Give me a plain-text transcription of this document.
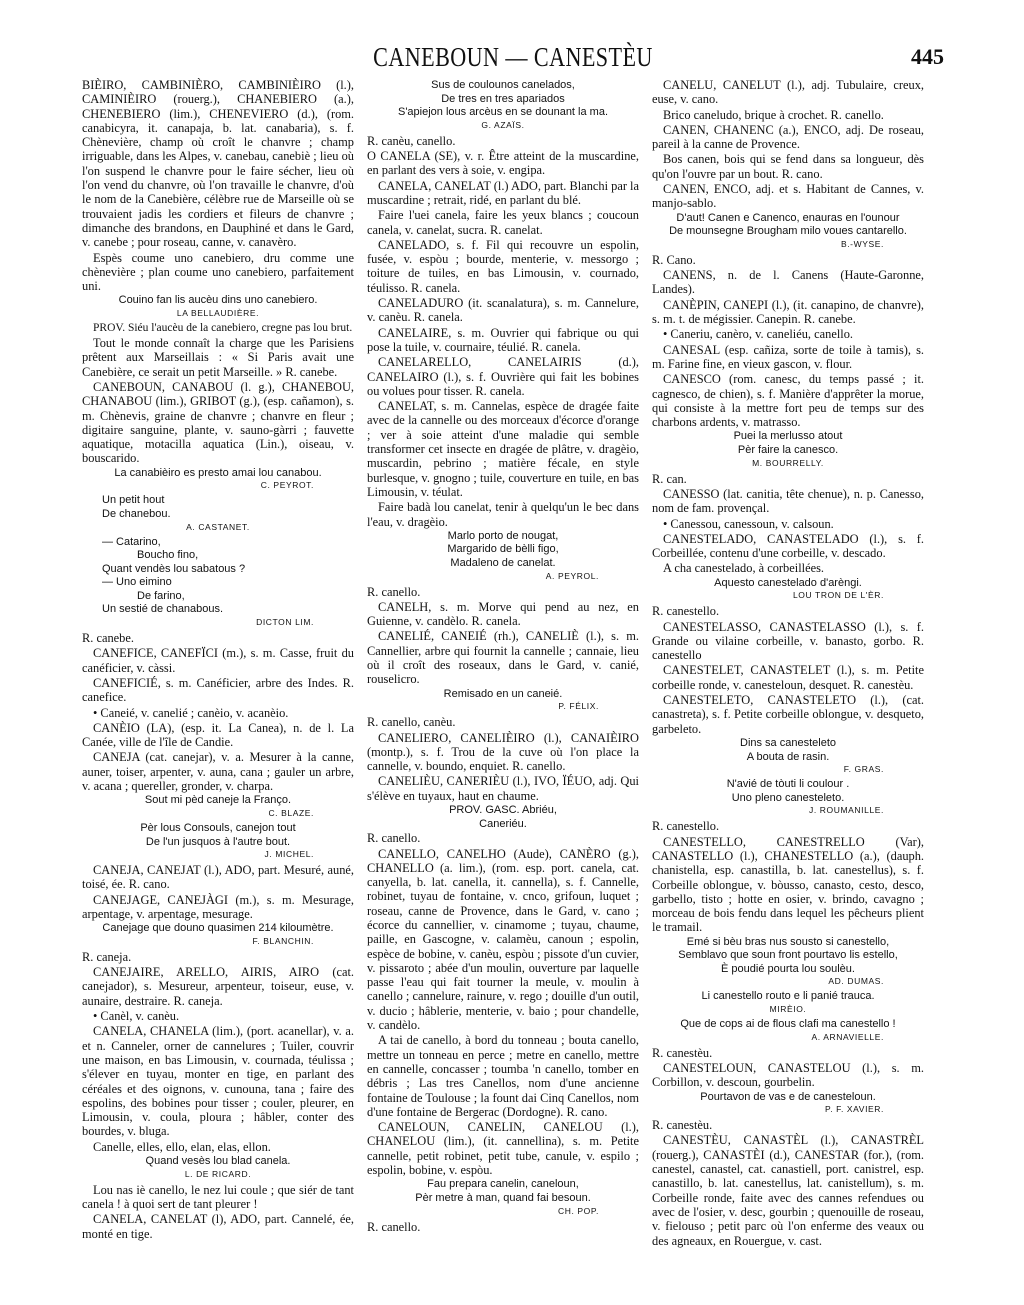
CANEBOUN — CANESTÈU	445

BIÈIRO, CAMBINIÈRO, CAMBINIÈIRO (l.), CAMINIÈIRO (rouerg.), CHANEBIERO (a.), CHENEBIERO (lim.), CHENEVIERO (d.), (rom. canabicyra, it. canapaja, b. lat. canabaria), s. f. Chènevière, champ où croît le chanvre ; champ irriguable, dans les Alpes, v. canebau, canebiè ; lieu où l'on suspend le chanvre pour le faire sécher, lieu où l'on vend du chanvre, où l'on travaille le chanvre, d'où le nom de la Canebière, célèbre rue de Marseille où se trouvaient jadis les cordiers et fileurs de chanvre ; dimanche des brandons, en Dauphiné et dans le Gard, v. canebe ; pour roseau, canne, v. canavèro.

Espès coume uno canebiero, dru comme une chènevière ; plan coume uno canebiero, parfaitement uni.

Couino fan lis aucèu dins uno canebiero.
LA BELLAUDIÈRE.

PROV. Siéu l'aucèu de la canebiero, cregne pas lou brut.

Tout le monde connaît la charge que les Parisiens prêtent aux Marseillais : « Si Paris avait une Canebière, ce serait un petit Marseille. » R. canebe.

CANEBOUN, CANABOU (l. g.), CHANEBOU, CHANABOU (lim.), GRIBOT (g.), (esp. cañamon), s. m. Chènevis, graine de chanvre ; chanvre en fleur ; digitaire sanguine, plante, v. sauno-gàrri ; fauvette aquatique, motacilla aquatica (Lin.), oiseau, v. bouscarido.

La canabièiro es presto amai lou canabou.
C. PEYROT.
Un petit hout
De chanebou.
A. CASTANET.
— Catarino,
Boucho fino,
Quant vendès lou sabatous ?
— Uno eimino
De farino,
Un sestié de chanabous.
DICTON LIM.

R. canebe.

CANEFICE, CANEFÏCI (m.), s. m. Casse, fruit du canéficier, v. càssi.

CANEFICIÉ, s. m. Canéficier, arbre des Indes. R. canefice.

• Caneié, v. canelié ; canèio, v. acanèio.

CANÈIO (LA), (esp. it. La Canea), n. de l. La Canée, ville de l'île de Candie.

CANEJA (cat. canejar), v. a. Mesurer à la canne, auner, toiser, arpenter, v. auna, cana ; gauler un arbre, v. acana ; quereller, gronder, v. charpa.

Sout mi pèd caneje la Franço.
C. BLAZE.
Pèr lous Consouls, canejon tout
De l'un jusquos à l'autre bout.
J. MICHEL.

CANEJA, CANEJAT (l.), ADO, part. Mesuré, auné, toisé, ée. R. cano.

CANEJAGE, CANEJÀGI (m.), s. m. Mesurage, arpentage, v. arpentage, mesurage.

Canejage que douno quasimen 214 kiloumètre.
F. BLANCHIN.

R. caneja.

CANEJAIRE, ARELLO, AIRIS, AIRO (cat. canejador), s. Mesureur, arpenteur, toiseur, euse, v. aunaire, destraire. R. caneja.

• Canèl, v. canèu.

CANELA, CHANELA (lim.), (port. acanellar), v. a. et n. Canneler, orner de cannelures ; Tuiler, couvrir une maison, en bas Limousin, v. cournada, téulissa ; s'élever en tuyau, monter en tige, en parlant des céréales et des oignons, v. cunouna, tana ; faire des espolins, des bobines pour tisser ; couler, pleurer, en Limousin, v. coula, ploura ; hâbler, conter des bourdes, v. bluga.

Canelle, elles, ello, elan, elas, ellon.

Quand vesès lou blad canela.
L. DE RICARD.

Lou nas iè canello, le nez lui coule ; que siér de tant canela ! à quoi sert de tant pleurer !

CANELA, CANELAT (l), ADO, part. Cannelé, ée, monté en tige.

Sus de coulounos canelados,
De tres en tres apariados
S'apiejon lous arcèus en se dounant la ma.
G. AZAÏS.

R. canèu, canello.

O CANELA (SE), v. r. Être atteint de la muscardine, en parlant des vers à soie, v. engipa.

CANELA, CANELAT (l.) ADO, part. Blanchi par la muscardine ; retrait, ridé, en parlant du blé.

Faire l'uei canela, faire les yeux blancs ; coucoun canela, v. canelat, sucra. R. canelat.

CANELADO, s. f. Fil qui recouvre un espolin, fusée, v. espòu ; bourde, menterie, v. messorgo ; toiture de tuiles, en bas Limousin, v. cournado, téulisso. R. canela.

CANELADURO (it. scanalatura), s. m. Cannelure, v. canèu. R. canela.

CANELAIRE, s. m. Ouvrier qui fabrique ou qui pose la tuile, v. cournaire, téulié. R. canela.

CANELARELLO, CANELAIRIS (d.), CANELAIRO (l.), s. f. Ouvrière qui fait les bobines ou volues pour tisser. R. canela.

CANELAT, s. m. Cannelas, espèce de dragée faite avec de la cannelle ou des morceaux d'écorce d'orange ; ver à soie atteint d'une maladie qui semble transformer cet insecte en dragée de plâtre, v. dragèio, muscardin, pebrino ; matière fécale, en style burlesque, v. gnogno ; tuile, couverture en tuile, en bas Limousin, v. téulat.

Faire badà lou canelat, tenir à quelqu'un le bec dans l'eau, v. dragèio.

Marlo porto de nougat,
Margarido de bèlli figo,
Madaleno de canelat.
A. PEYROL.

R. canello.

CANELH, s. m. Morve qui pend au nez, en Guienne, v. candèlo. R. canela.

CANELIÉ, CANEIÉ (rh.), CANELIÈ (l.), s. m. Cannellier, arbre qui fournit la cannelle ; cannaie, lieu où il croît des roseaux, dans le Gard, v. canié, rouselicro.

Remisado en un caneié.
P. FÉLIX.

R. canello, canèu.

CANELIERO, CANELIÈIRO (l.), CANAIÈIRO (montp.), s. f. Trou de la cuve où l'on place la cannelle, v. boundo, enquiet. R. canello.

CANELIÈU, CANERIÈU (l.), IVO, ÏÉUO, adj. Qui s'élève en tuyaux, haut en chaume.

PROV. GASC. Abriéu,
Caneriéu.

R. canello.

CANELLO, CANELHO (Aude), CANÈRO (g.), CHANELLO (a. lim.), (rom. esp. port. canela, cat. canyella, b. lat. canella, it. cannella), s. f. Cannelle, robinet, tuyau de fontaine, v. cnco, grifoun, luquet ; roseau, canne de Provence, dans le Gard, v. cano ; écorce du cannellier, v. cinamome ; tuyau, chaume, paille, en Gascogne, v. calamèu, canoun ; espolin, espèce de bobine, v. canèu, espòu ; pissote d'un cuvier, v. pissaroto ; abée d'un moulin, ouverture par laquelle passe l'eau qui fait tourner la meule, v. moulin à canello ; cannelure, rainure, v. rego ; douille d'un outil, v. ducio ; hâblerie, menterie, v. baio ; pour chandelle, v. candèlo.

A tai de canello, à bord du tonneau ; bouta canello, mettre un tonneau en perce ; metre en canello, mettre en cannelle, concasser ; toumba 'n canello, tomber en débris ; Las tres Canellos, nom d'une ancienne fontaine de Toulouse ; la fount dai Cinq Canellos, nom d'une fontaine de Bergerac (Dordogne). R. cano.

CANELOUN, CANELIN, CANELOU (l.), CHANELOU (lim.), (it. cannellina), s. m. Petite cannelle, petit robinet, petit tube, canule, v. espilo ; espolin, bobine, v. espòu.

Fau prepara canelin, caneloun,
Pèr metre à man, quand fai besoun.
CH. POP.

R. canello.

CANELU, CANELUT (l.), adj. Tubulaire, creux, euse, v. cano.

Brico caneludo, brique à crochet. R. canello.

CANEN, CHANENC (a.), ENCO, adj. De roseau, pareil à la canne de Provence.

Bos canen, bois qui se fend dans sa longueur, dès qu'on l'ouvre par un bout. R. cano.

CANEN, ENCO, adj. et s. Habitant de Cannes, v. manjo-sablo.

D'aut! Canen e Canenco, enauras en l'ounour
De mounsegne Brougham milo voues cantarello.
B.-WYSE.

R. Cano.

CANENS, n. de l. Canens (Haute-Garonne, Landes).

CANÈPIN, CANEPI (l.), (it. canapino, de chanvre), s. m. t. de mégissier. Canepin. R. canebe.

• Caneriu, canèro, v. caneliéu, canello.

CANESAL (esp. cañiza, sorte de toile à tamis), s. m. Farine fine, en vieux gascon, v. flour.

CANESCO (rom. canesc, du temps passé ; it. cagnesco, de chien), s. f. Manière d'apprêter la morue, qui consiste à la mettre fort peu de temps sur des charbons ardents, v. matrasso.

Puei la merlusso atout
Pèr faire la canesco.
M. BOURRELLY.

R. can.

CANESSO (lat. canitia, tête chenue), n. p. Canesso, nom de fam. provençal.

• Canessou, canessoun, v. calsoun.

CANESTELADO, CANASTELADO (l.), s. f. Corbeillée, contenu d'une corbeille, v. descado.

A cha canestelado, à corbeillées.

Aquesto canestelado d'arèngi.
LOU TRON DE L'ÈR.

R. canestello.

CANESTELASSO, CANASTELASSO (l.), s. f. Grande ou vilaine corbeille, v. banasto, gorbo. R. canestello

CANESTELET, CANASTELET (l.), s. m. Petite corbeille ronde, v. canesteloun, desquet. R. canestèu.

CANESTELETO, CANASTELETO (l.), (cat. canastreta), s. f. Petite corbeille oblongue, v. desqueto, garbeleto.

Dins sa canesteleto
A bouta de rasin.
F. GRAS.
N'avié de tòuti li coulour .
Uno pleno canesteleto.
J. ROUMANILLE.

R. canestello.

CANESTELLO, CANESTRELLO (Var), CANASTELLO (l.), CHANESTELLO (a.), (dauph. chanistella, esp. canastilla, b. lat. canestellus), s. f. Corbeille oblongue, v. bòusso, canasto, cesto, desco, garbello, tisto ; hotte en osier, v. brindo, cavagno ; morceau de bois fendu dans lequel les pêcheurs plient le tramail.

Emé si bèu bras nus sousto si canestello,
Semblavo que soun front pourtavo lis estello,
È poudié pourta lou soulèu.
AD. DUMAS.
Li canestello routo e li panié traucа.
MIRÈIO.
Que de cops ai de flous clafi ma canestello !
A. ARNAVIELLE.

R. canestèu.

CANESTELOUN, CANASTELOU (l.), s. m. Corbillon, v. descoun, gourbelin.

Pourtavon de vas e de canesteloun.
P. F. XAVIER.

R. canestèu.

CANESTÈU, CANASTÈL (l.), CANASTRÈL (rouerg.), CANASTÈI (d.), CANESTAR (for.), (rom. canestel, canastel, cat. canastiell, port. canistrel, esp. canastillo, b. lat. canestellus, lat. canistellum), s. m. Corbeille ronde, faite avec des cannes refendues ou avec de l'osier, v. desc, gourbin ; quenouille de roseau, v. fielouso ; petit parc où l'on enferme des veaux ou des agneaux, en Rouergue, v. cast.
